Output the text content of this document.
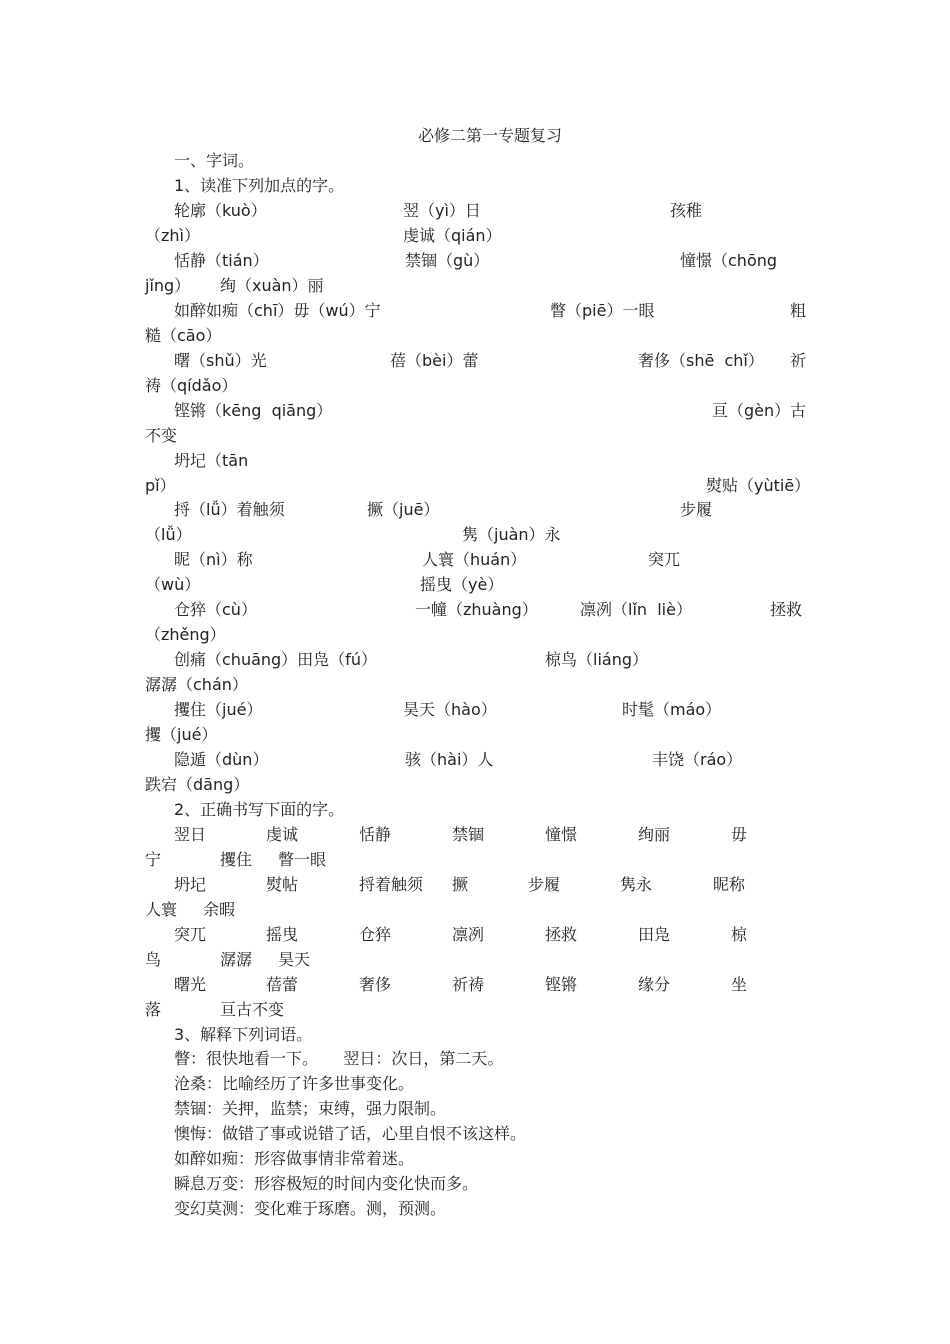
必修二第一专题复习
一、字词。
1、读准下列加点的字。
轮廓（kuò）	翌（yì）日	孩稚
（zhì）	虔诚（qián）
恬静（tián）	禁锢（gù）	憧憬（chōng
jǐng） 绚（xuàn）丽
如醉如痴（chī）毋（wú）宁	瞥（piē）一眼	粗
糙（cāo）
曙（shǔ）光	蓓（bèi）蕾	奢侈（shē  chǐ） 祈
祷（qídǎo）
铿锵（kēng  qiāng）	亘（gèn）古
不变
坍圮（tān
pǐ）	熨贴（yùtiē）
捋（lǚ）着触须	撅（juē）	步履
（lǚ）	隽（juàn）永
昵（nì）称	人寰（huán）	突兀
（wù）	摇曳（yè）
仓猝（cù）	一幢（zhuàng）	凛冽（lǐn  liè）	拯救
（zhěng）
创痛（chuāng）田凫（fú）	椋鸟（liáng）
潺潺（chán）
攫住（jué）	昊天（hào）	时髦（máo）
攫（jué）
隐遁（dùn）	骇（hài）人	丰饶（ráo）
跌宕（dāng）
2、正确书写下面的字。
翌日	虔诚	恬静	禁锢	憧憬	绚丽	毋
宁	攫住 瞥一眼
坍圮	熨帖	捋着触须 撅	步履	隽永	昵称
人寰 余暇
突兀	摇曳	仓猝	凛冽	拯救	田凫	椋
鸟	潺潺 昊天
曙光	蓓蕾	奢侈	祈祷	铿锵	缘分	坐
落	亘古不变
3、解释下列词语。
瞥：很快地看一下。     翌日：次日，第二天。
沧桑：比喻经历了许多世事变化。
禁锢：关押，监禁；束缚，强力限制。
懊悔：做错了事或说错了话，心里自恨不该这样。
如醉如痴：形容做事情非常着迷。
瞬息万变：形容极短的时间内变化快而多。
变幻莫测：变化难于琢磨。测，预测。
